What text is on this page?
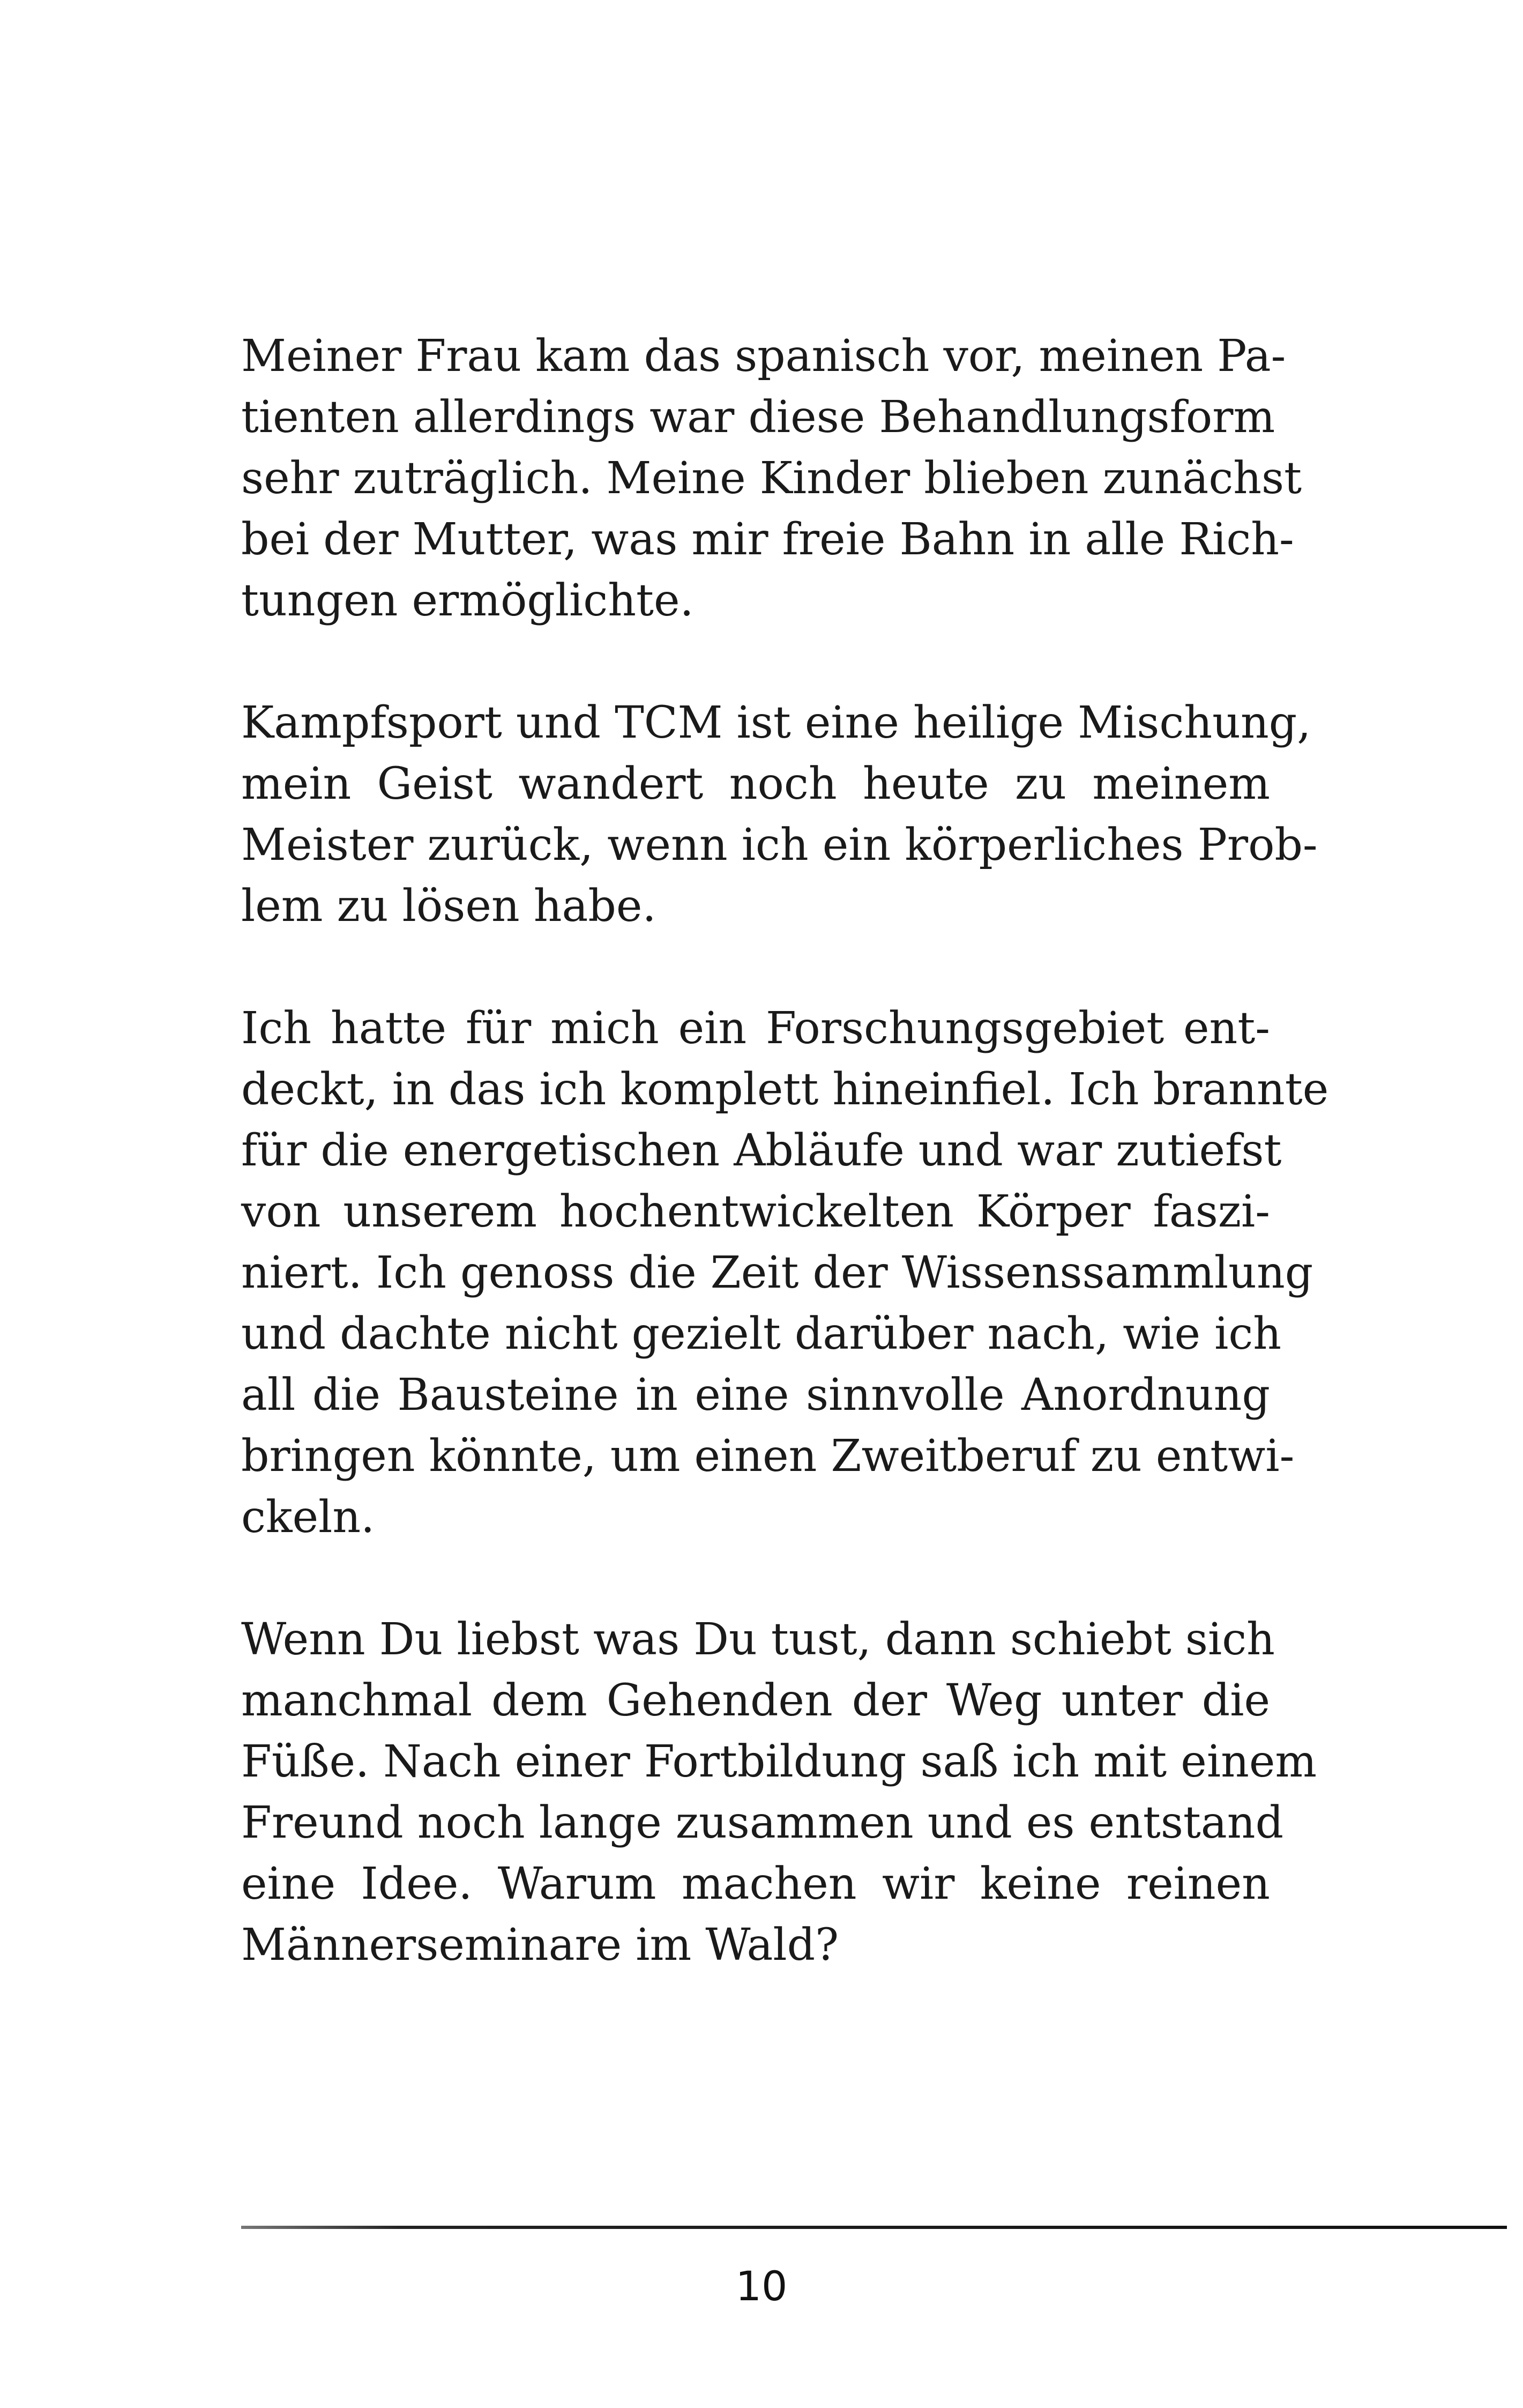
Meiner Frau kam das spanisch vor, meinen Pa-
tienten allerdings war diese Behandlungsform
sehr zuträglich. Meine Kinder blieben zunächst
bei der Mutter, was mir freie Bahn in alle Rich-
tungen ermöglichte.

Kampfsport und TCM ist eine heilige Mischung,
mein Geist wandert noch heute zu meinem
Meister zurück, wenn ich ein körperliches Prob-
lem zu lösen habe.

Ich hatte für mich ein Forschungsgebiet ent-
deckt, in das ich komplett hineinfiel. Ich brannte
für die energetischen Abläufe und war zutiefst
von unserem hochentwickelten Körper faszi-
niert. Ich genoss die Zeit der Wissenssammlung
und dachte nicht gezielt darüber nach, wie ich
all die Bausteine in eine sinnvolle Anordnung
bringen könnte, um einen Zweitberuf zu entwi-
ckeln.

Wenn Du liebst was Du tust, dann schiebt sich
manchmal dem Gehenden der Weg unter die
Füße. Nach einer Fortbildung saß ich mit einem
Freund noch lange zusammen und es entstand
eine Idee. Warum machen wir keine reinen
Männerseminare im Wald?

10
